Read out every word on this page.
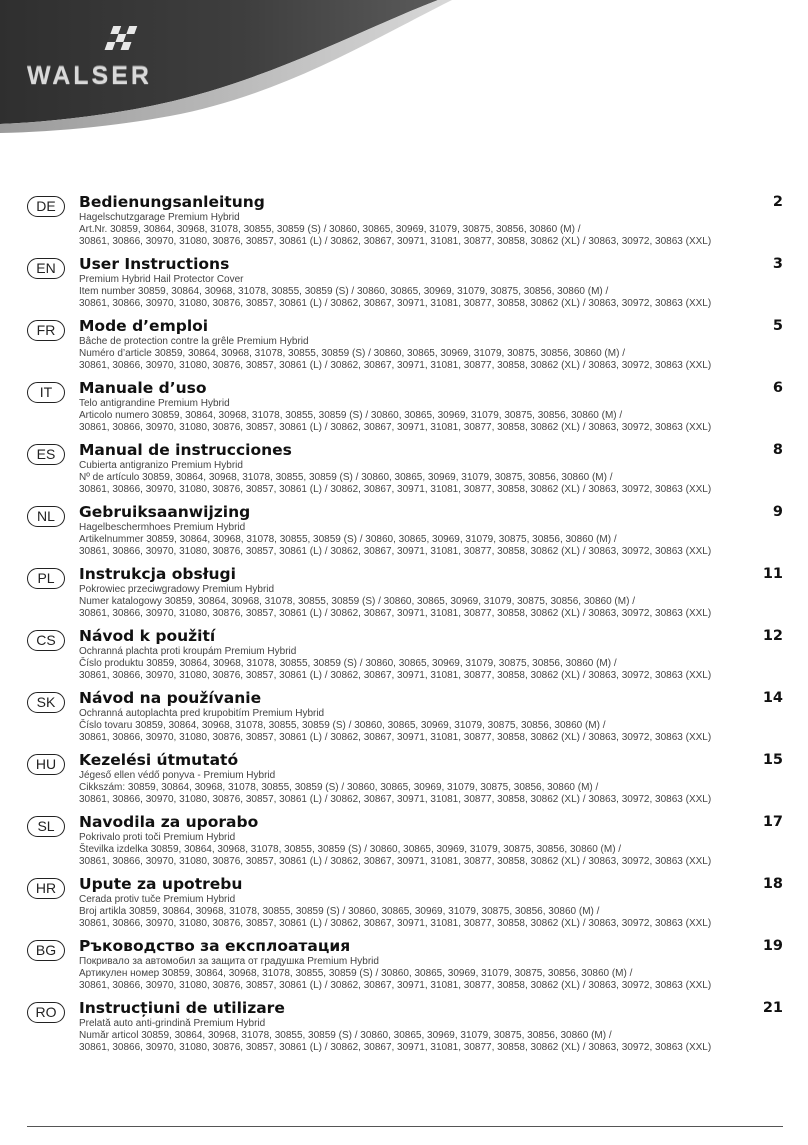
WALSER
DE	Bedienungsanleitung	2
Hagelschutzgarage Premium Hybrid
Art.Nr. 30859, 30864, 30968, 31078, 30855, 30859 (S) / 30860, 30865, 30969, 31079, 30875, 30856, 30860 (M) /
30861, 30866, 30970, 31080, 30876, 30857, 30861 (L) / 30862, 30867, 30971, 31081, 30877, 30858, 30862 (XL) / 30863, 30972, 30863 (XXL)
EN	User Instructions	3
Premium Hybrid Hail Protector Cover
Item number 30859, 30864, 30968, 31078, 30855, 30859 (S) / 30860, 30865, 30969, 31079, 30875, 30856, 30860 (M) /
30861, 30866, 30970, 31080, 30876, 30857, 30861 (L) / 30862, 30867, 30971, 31081, 30877, 30858, 30862 (XL) / 30863, 30972, 30863 (XXL)
FR	Mode d’emploi	5
Bâche de protection contre la grêle Premium Hybrid
Numéro d’article 30859, 30864, 30968, 31078, 30855, 30859 (S) / 30860, 30865, 30969, 31079, 30875, 30856, 30860 (M) /
30861, 30866, 30970, 31080, 30876, 30857, 30861 (L) / 30862, 30867, 30971, 31081, 30877, 30858, 30862 (XL) / 30863, 30972, 30863 (XXL)
IT	Manuale d’uso	6
Telo antigrandine Premium Hybrid
Articolo numero 30859, 30864, 30968, 31078, 30855, 30859 (S) / 30860, 30865, 30969, 31079, 30875, 30856, 30860 (M) /
30861, 30866, 30970, 31080, 30876, 30857, 30861 (L) / 30862, 30867, 30971, 31081, 30877, 30858, 30862 (XL) / 30863, 30972, 30863 (XXL)
ES	Manual de instrucciones	8
Cubierta antigranizo Premium Hybrid
Nº de artículo 30859, 30864, 30968, 31078, 30855, 30859 (S) / 30860, 30865, 30969, 31079, 30875, 30856, 30860 (M) /
30861, 30866, 30970, 31080, 30876, 30857, 30861 (L) / 30862, 30867, 30971, 31081, 30877, 30858, 30862 (XL) / 30863, 30972, 30863 (XXL)
NL	Gebruiksaanwijzing	9
Hagelbeschermhoes Premium Hybrid
Artikelnummer 30859, 30864, 30968, 31078, 30855, 30859 (S) / 30860, 30865, 30969, 31079, 30875, 30856, 30860 (M) /
30861, 30866, 30970, 31080, 30876, 30857, 30861 (L) / 30862, 30867, 30971, 31081, 30877, 30858, 30862 (XL) / 30863, 30972, 30863 (XXL)
PL	Instrukcja obsługi	11
Pokrowiec przeciwgradowy Premium Hybrid
Numer katalogowy 30859, 30864, 30968, 31078, 30855, 30859 (S) / 30860, 30865, 30969, 31079, 30875, 30856, 30860 (M) /
30861, 30866, 30970, 31080, 30876, 30857, 30861 (L) / 30862, 30867, 30971, 31081, 30877, 30858, 30862 (XL) / 30863, 30972, 30863 (XXL)
CS	Návod k použití	12
Ochranná plachta proti kroupám Premium Hybrid
Číslo produktu 30859, 30864, 30968, 31078, 30855, 30859 (S) / 30860, 30865, 30969, 31079, 30875, 30856, 30860 (M) /
30861, 30866, 30970, 31080, 30876, 30857, 30861 (L) / 30862, 30867, 30971, 31081, 30877, 30858, 30862 (XL) / 30863, 30972, 30863 (XXL)
SK	Návod na používanie	14
Ochranná autoplachta pred krupobitím Premium Hybrid
Číslo tovaru 30859, 30864, 30968, 31078, 30855, 30859 (S) / 30860, 30865, 30969, 31079, 30875, 30856, 30860 (M) /
30861, 30866, 30970, 31080, 30876, 30857, 30861 (L) / 30862, 30867, 30971, 31081, 30877, 30858, 30862 (XL) / 30863, 30972, 30863 (XXL)
HU	Kezelési útmutató	15
Jégeső ellen védő ponyva - Premium Hybrid
Cikkszám: 30859, 30864, 30968, 31078, 30855, 30859 (S) / 30860, 30865, 30969, 31079, 30875, 30856, 30860 (M) /
30861, 30866, 30970, 31080, 30876, 30857, 30861 (L) / 30862, 30867, 30971, 31081, 30877, 30858, 30862 (XL) / 30863, 30972, 30863 (XXL)
SL	Navodila za uporabo	17
Pokrivalo proti toči Premium Hybrid
Številka izdelka 30859, 30864, 30968, 31078, 30855, 30859 (S) / 30860, 30865, 30969, 31079, 30875, 30856, 30860 (M) /
30861, 30866, 30970, 31080, 30876, 30857, 30861 (L) / 30862, 30867, 30971, 31081, 30877, 30858, 30862 (XL) / 30863, 30972, 30863 (XXL)
HR	Upute za upotrebu	18
Cerada protiv tuče Premium Hybrid
Broj artikla 30859, 30864, 30968, 31078, 30855, 30859 (S) / 30860, 30865, 30969, 31079, 30875, 30856, 30860 (M) /
30861, 30866, 30970, 31080, 30876, 30857, 30861 (L) / 30862, 30867, 30971, 31081, 30877, 30858, 30862 (XL) / 30863, 30972, 30863 (XXL)
BG	Ръководство за експлоатация	19
Покривало за автомобил за защита от градушка Premium Hybrid
Артикулен номер 30859, 30864, 30968, 31078, 30855, 30859 (S) / 30860, 30865, 30969, 31079, 30875, 30856, 30860 (M) /
30861, 30866, 30970, 31080, 30876, 30857, 30861 (L) / 30862, 30867, 30971, 31081, 30877, 30858, 30862 (XL) / 30863, 30972, 30863 (XXL)
RO	Instrucțiuni de utilizare	21
Prelată auto anti-grindină Premium Hybrid
Număr articol 30859, 30864, 30968, 31078, 30855, 30859 (S) / 30860, 30865, 30969, 31079, 30875, 30856, 30860 (M) /
30861, 30866, 30970, 31080, 30876, 30857, 30861 (L) / 30862, 30867, 30971, 31081, 30877, 30858, 30862 (XL) / 30863, 30972, 30863 (XXL)
